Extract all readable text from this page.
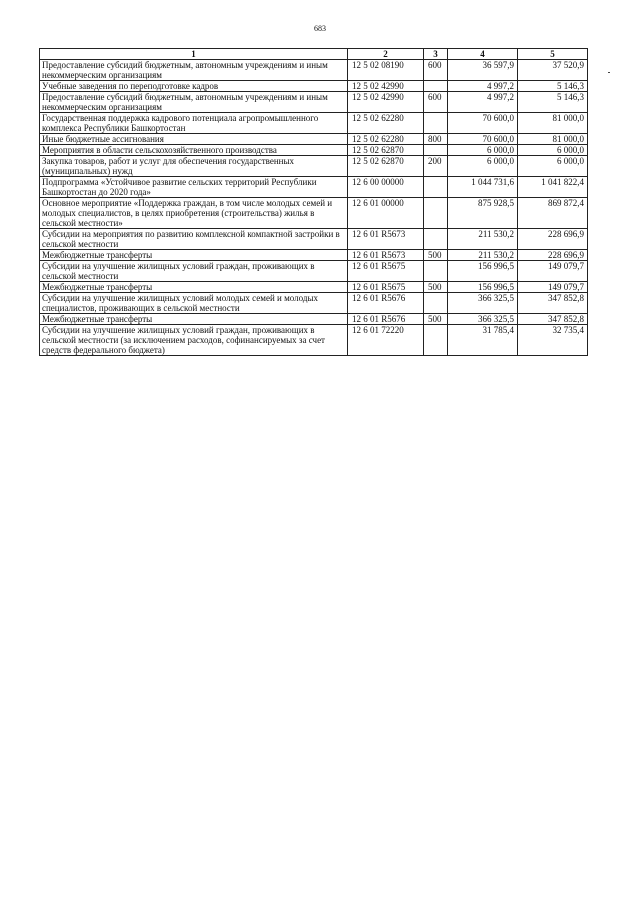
683
1	2	3	4	5
Предоставление субсидий бюджетным, автономным учреждениям и иным некоммерческим организациям	12 5 02 08190	600	36 597,9	37 520,9
Учебные заведения по переподготовке кадров	12 5 02 42990		4 997,2	5 146,3
Предоставление субсидий бюджетным, автономным учреждениям и иным некоммерческим организациям	12 5 02 42990	600	4 997,2	5 146,3
Государственная поддержка кадрового потенциала агропромышленного комплекса Республики Башкортостан	12 5 02 62280		70 600,0	81 000,0
Иные бюджетные ассигнования	12 5 02 62280	800	70 600,0	81 000,0
Мероприятия в области сельскохозяйственного производства	12 5 02 62870		6 000,0	6 000,0
Закупка товаров, работ и услуг для обеспечения государственных (муниципальных) нужд	12 5 02 62870	200	6 000,0	6 000,0
Подпрограмма «Устойчивое развитие сельских территорий Республики Башкортостан до 2020 года»	12 6 00 00000		1 044 731,6	1 041 822,4
Основное мероприятие «Поддержка граждан, в том числе молодых семей и молодых специалистов, в целях приобретения (строительства) жилья в сельской местности»	12 6 01 00000		875 928,5	869 872,4
Субсидии на мероприятия по развитию комплексной компактной застройки в сельской местности	12 6 01 R5673		211 530,2	228 696,9
Межбюджетные трансферты	12 6 01 R5673	500	211 530,2	228 696,9
Субсидии на улучшение жилищных условий граждан, проживающих в сельской местности	12 6 01 R5675		156 996,5	149 079,7
Межбюджетные трансферты	12 6 01 R5675	500	156 996,5	149 079,7
Субсидии на улучшение жилищных условий молодых семей и молодых специалистов, проживающих в сельской местности	12 6 01 R5676		366 325,5	347 852,8
Межбюджетные трансферты	12 6 01 R5676	500	366 325,5	347 852,8
Субсидии на улучшение жилищных условий граждан, проживающих в сельской местности (за исключением расходов, софинансируемых за счет средств федерального бюджета)	12 6 01 72220		31 785,4	32 735,4
